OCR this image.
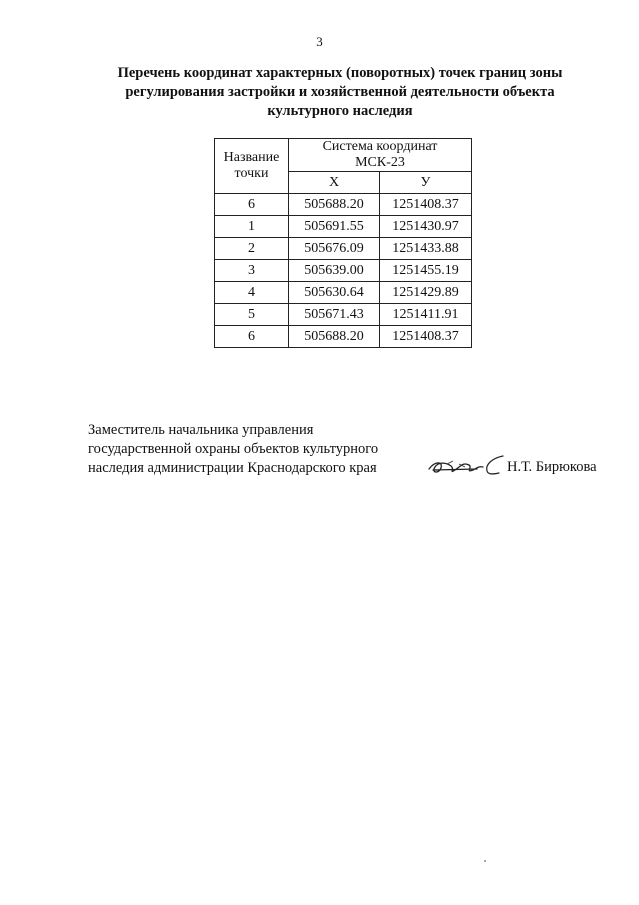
3
Перечень координат характерных (поворотных) точек границ зоны
регулирования застройки и хозяйственной деятельности объекта
культурного наследия
Название
точки	Система координат
МСК-23	
	X	У
6	505688.20	1251408.37
1	505691.55	1251430.97
2	505676.09	1251433.88
3	505639.00	1251455.19
4	505630.64	1251429.89
5	505671.43	1251411.91
6	505688.20	1251408.37
Заместитель начальника управления
государственной охраны объектов культурного
наследия администрации Краснодарского края	Н.Т. Бирюкова
